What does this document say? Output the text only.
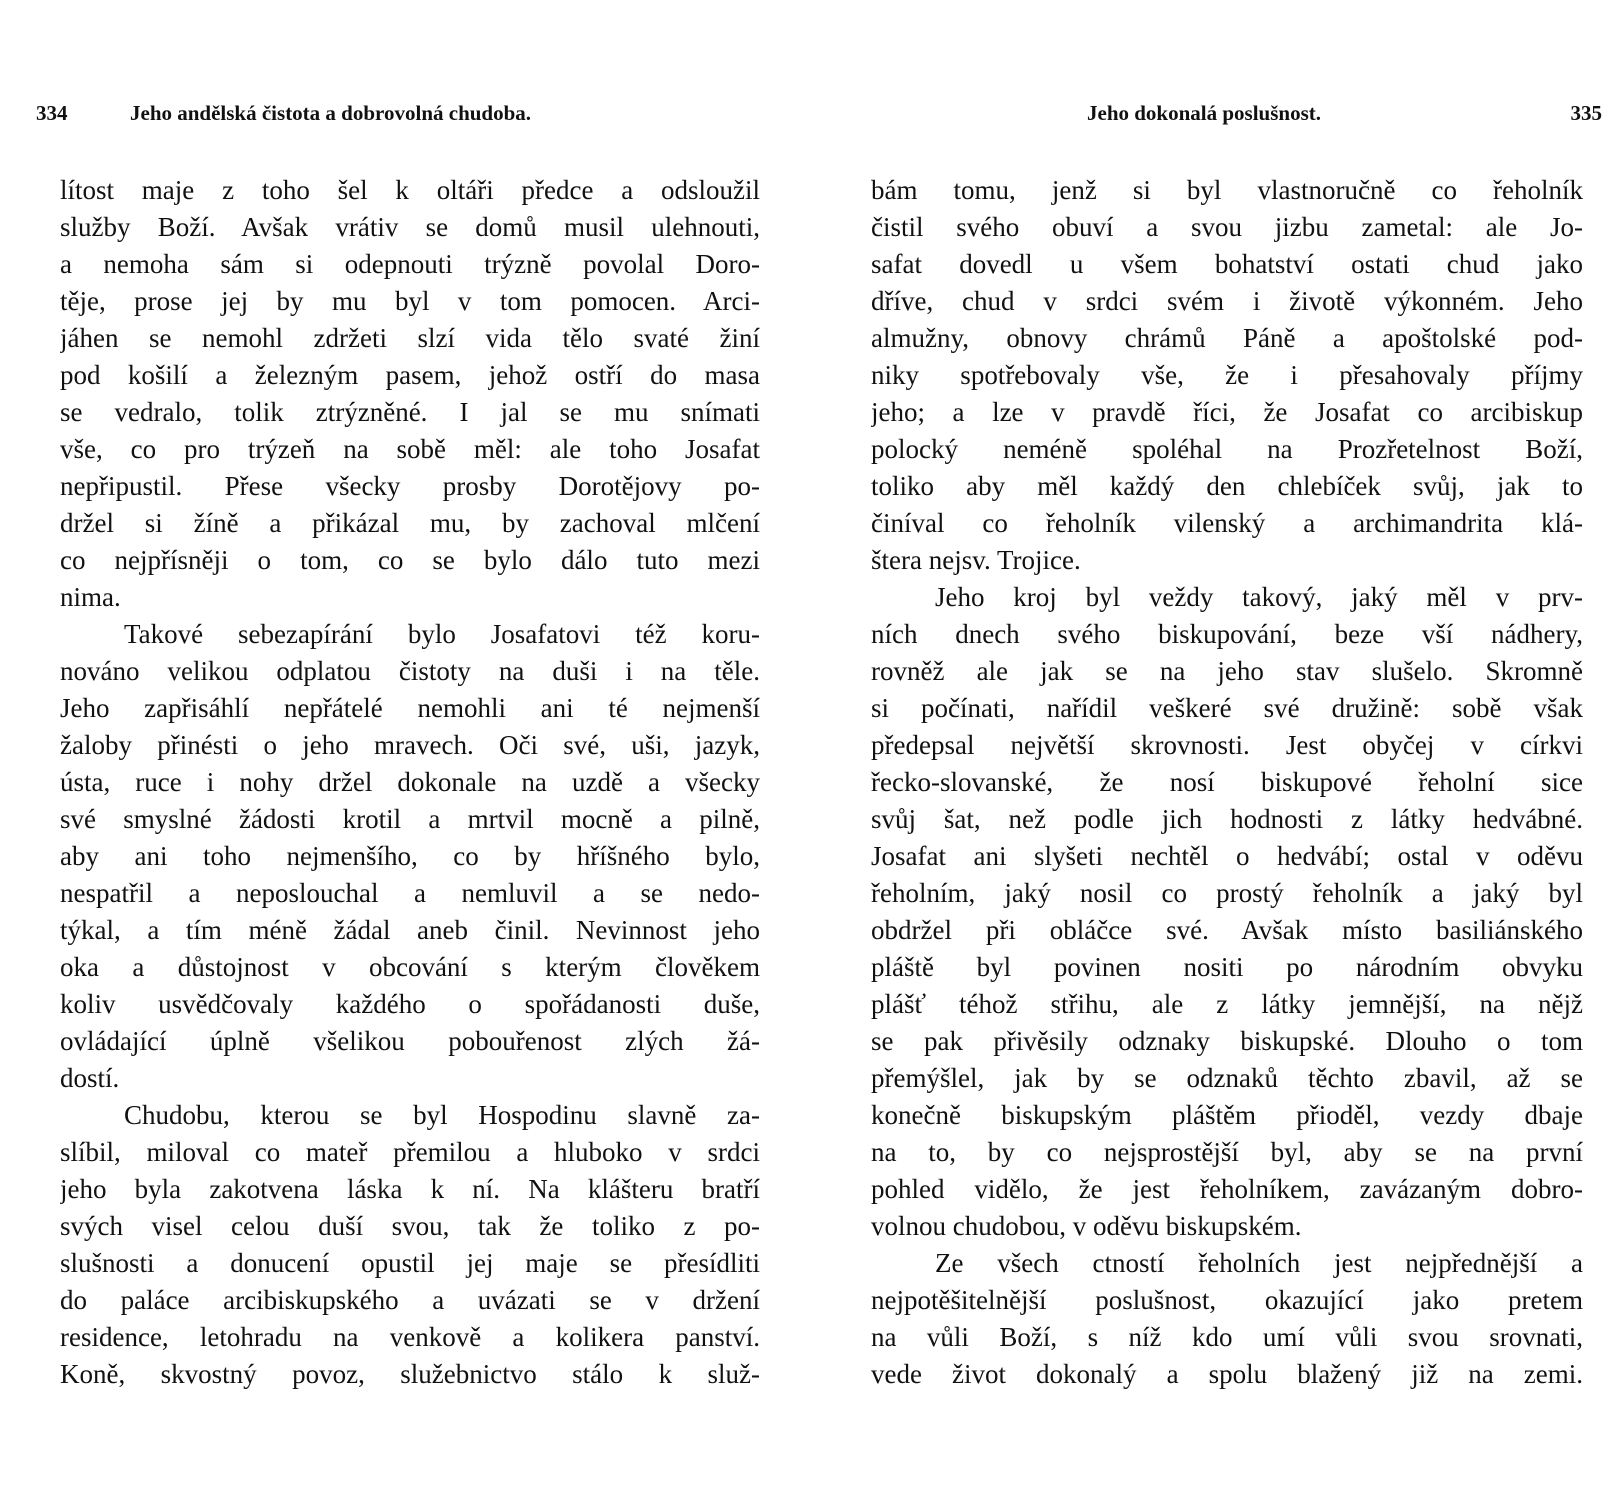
334	Jeho andělská čistota a dobrovolná chudoba.
lítost maje z toho šel k oltáři předce a odsloužil
služby Boží. Avšak vrátiv se domů musil ulehnouti,
a nemoha sám si odepnouti trýzně povolal Doro-
těje, prose jej by mu byl v tom pomocen. Arci-
jáhen se nemohl zdržeti slzí vida tělo svaté žiní
pod košilí a železným pasem, jehož ostří do masa
se vedralo, tolik ztrýzněné. I jal se mu snímati
vše, co pro trýzeň na sobě měl: ale toho Josafat
nepřipustil. Přese všecky prosby Dorotějovy po-
držel si žíně a přikázal mu, by zachoval mlčení
co nejpřísněji o tom, co se bylo dálo tuto mezi
nima.
Takové sebezapírání bylo Josafatovi též koru-
nováno velikou odplatou čistoty na duši i na těle.
Jeho zapřisáhlí nepřátelé nemohli ani té nejmenší
žaloby přinésti o jeho mravech. Oči své, uši, jazyk,
ústa, ruce i nohy držel dokonale na uzdě a všecky
své smyslné žádosti krotil a mrtvil mocně a pilně,
aby ani toho nejmenšího, co by hříšného bylo,
nespatřil a neposlouchal a nemluvil a se nedo-
týkal, a tím méně žádal aneb činil. Nevinnost jeho
oka a důstojnost v obcování s kterým člověkem
koliv usvědčovaly každého o spořádanosti duše,
ovládající úplně všelikou pobouřenost zlých žá-
dostí.
Chudobu, kterou se byl Hospodinu slavně za-
slíbil, miloval co mateř přemilou a hluboko v srdci
jeho byla zakotvena láska k ní. Na klášteru bratří
svých visel celou duší svou, tak že toliko z po-
slušnosti a donucení opustil jej maje se přesídliti
do paláce arcibiskupského a uvázati se v držení
residence, letohradu na venkově a kolikera panství.
Koně, skvostný povoz, služebnictvo stálo k služ-
Jeho dokonalá poslušnost.	335
bám tomu, jenž si byl vlastnoručně co řeholník
čistil svého obuví a svou jizbu zametal: ale Jo-
safat dovedl u všem bohatství ostati chud jako
dříve, chud v srdci svém i životě výkonném. Jeho
almužny, obnovy chrámů Páně a apoštolské pod-
niky spotřebovaly vše, že i přesahovaly příjmy
jeho; a lze v pravdě říci, že Josafat co arcibiskup
polocký neméně spoléhal na Prozřetelnost Boží,
toliko aby měl každý den chlebíček svůj, jak to
činíval co řeholník vilenský a archimandrita klá-
štera nejsv. Trojice.
Jeho kroj byl veždy takový, jaký měl v prv-
ních dnech svého biskupování, beze vší nádhery,
rovněž ale jak se na jeho stav slušelo. Skromně
si počínati, nařídil veškeré své družině: sobě však
předepsal největší skrovnosti. Jest obyčej v církvi
řecko-slovanské, že nosí biskupové řeholní sice
svůj šat, než podle jich hodnosti z látky hedvábné.
Josafat ani slyšeti nechtěl o hedvábí; ostal v oděvu
řeholním, jaký nosil co prostý řeholník a jaký byl
obdržel při obláčce své. Avšak místo basiliánského
pláště byl povinen nositi po národním obvyku
plášť téhož střihu, ale z látky jemnější, na nějž
se pak přivěsily odznaky biskupské. Dlouho o tom
přemýšlel, jak by se odznaků těchto zbavil, až se
konečně biskupským pláštěm přioděl, vezdy dbaje
na to, by co nejsprostější byl, aby se na první
pohled vidělo, že jest řeholníkem, zavázaným dobro-
volnou chudobou, v oděvu biskupském.
Ze všech ctností řeholních jest nejpřednější a
nejpotěšitelnější poslušnost, okazující jako pretem
na vůli Boží, s níž kdo umí vůli svou srovnati,
vede život dokonalý a spolu blažený již na zemi.
